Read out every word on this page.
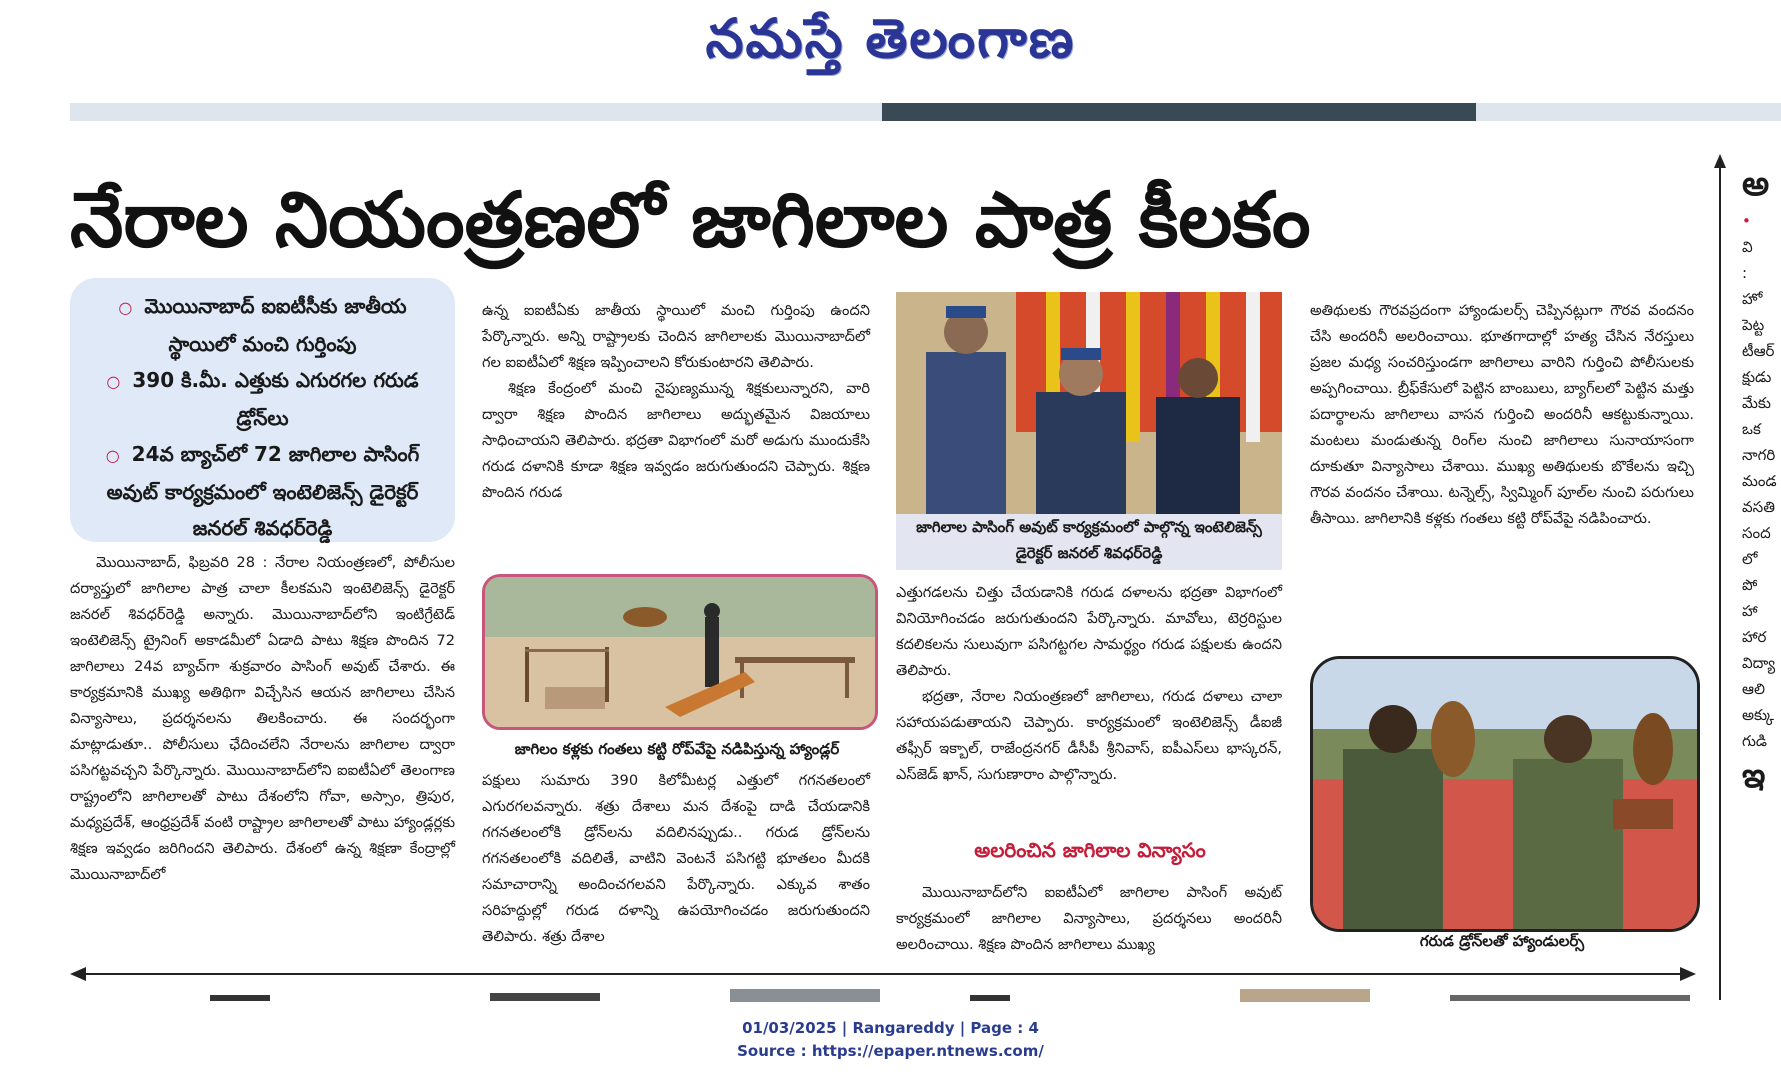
నమస్తే తెలంగాణ
నేరాల నియంత్రణలో జాగిలాల పాత్ర కీలకం
○ మొయినాబాద్ ఐఐటీసీకు జాతీయ స్థాయిలో మంచి గుర్తింపు
○ 390 కి.మీ. ఎత్తుకు ఎగురగల గరుడ డ్రోన్‌లు
○ 24వ బ్యాచ్‌లో 72 జాగిలాల పాసింగ్ అవుట్ కార్యక్రమంలో ఇంటెలిజెన్స్ డైరెక్టర్ జనరల్ శివధర్‌రెడ్డి

మొయినాబాద్, ఫిబ్రవరి 28 : నేరాల నియంత్రణలో, పోలీసుల దర్యాప్తులో జాగిలాల పాత్ర చాలా కీలకమని ఇంటెలిజెన్స్ డైరెక్టర్ జనరల్ శివధర్‌రెడ్డి అన్నారు. మొయినాబాద్‌లోని ఇంటిగ్రేటెడ్ ఇంటెలిజెన్స్ ట్రైనింగ్ అకాడమీలో ఏడాది పాటు శిక్షణ పొందిన 72 జాగిలాలు 24వ బ్యాచ్‌గా శుక్రవారం పాసింగ్ అవుట్ చేశారు. ఈ కార్యక్రమానికి ముఖ్య అతిథిగా విచ్చేసిన ఆయన జాగిలాలు చేసిన విన్యాసాలు, ప్రదర్శనలను తిలకించారు. ఈ సందర్భంగా మాట్లాడుతూ.. పోలీసులు ఛేదించలేని నేరాలను జాగిలాల ద్వారా పసిగట్టవచ్చని పేర్కొన్నారు. మొయినాబాద్‌లోని ఐఐటీఏలో తెలంగాణ రాష్ట్రంలోని జాగిలాలతో పాటు దేశంలోని గోవా, అస్సాం, త్రిపుర, మధ్యప్రదేశ్, ఆంధ్రప్రదేశ్ వంటి రాష్ట్రాల జాగిలాలతో పాటు హ్యాండ్లర్లకు శిక్షణ ఇవ్వడం జరిగిందని తెలిపారు. దేశంలో ఉన్న శిక్షణా కేంద్రాల్లో మొయినాబాద్‌లో

ఉన్న ఐఐటీఏకు జాతీయ స్థాయిలో మంచి గుర్తింపు ఉందని పేర్కొన్నారు. అన్ని రాష్ట్రాలకు చెందిన జాగిలాలకు మొయినాబాద్‌లో గల ఐఐటీఏలో శిక్షణ ఇప్పించాలని కోరుకుంటారని తెలిపారు.

శిక్షణ కేంద్రంలో మంచి నైపుణ్యమున్న శిక్షకులున్నారని, వారి ద్వారా శిక్షణ పొందిన జాగిలాలు అద్భుతమైన విజయాలు సాధించాయని తెలిపారు. భద్రతా విభాగంలో మరో అడుగు ముందుకేసి గరుడ దళానికి కూడా శిక్షణ ఇవ్వడం జరుగుతుందని చెప్పారు. శిక్షణ పొందిన గరుడ

జాగిలం కళ్లకు గంతలు కట్టి రోప్‌వేపై నడిపిస్తున్న హ్యాండ్లర్

పక్షులు సుమారు 390 కిలోమీటర్ల ఎత్తులో గగనతలంలో ఎగురగలవన్నారు. శత్రు దేశాలు మన దేశంపై దాడి చేయడానికి గగనతలంలోకి డ్రోన్‌లను వదిలినప్పుడు.. గరుడ డ్రోన్‌లను గగనతలంలోకి వదిలితే, వాటిని వెంటనే పసిగట్టి భూతలం మీదకి సమాచారాన్ని అందించగలవని పేర్కొన్నారు. ఎక్కువ శాతం సరిహద్దుల్లో గరుడ దళాన్ని ఉపయోగించడం జరుగుతుందని తెలిపారు. శత్రు దేశాల

జాగిలాల పాసింగ్ అవుట్ కార్యక్రమంలో పాల్గొన్న ఇంటెలిజెన్స్ డైరెక్టర్ జనరల్ శివధర్‌రెడ్డి

ఎత్తుగడలను చిత్తు చేయడానికి గరుడ దళాలను భద్రతా విభాగంలో వినియోగించడం జరుగుతుందని పేర్కొన్నారు. మావోలు, టెర్రరిస్టుల కదలికలను సులువుగా పసిగట్టగల సామర్థ్యం గరుడ పక్షులకు ఉందని తెలిపారు.

భద్రతా, నేరాల నియంత్రణలో జాగిలాలు, గరుడ దళాలు చాలా సహాయపడుతాయని చెప్పారు. కార్యక్రమంలో ఇంటెలిజెన్స్ డీఐజీ తఫ్సీర్ ఇక్బాల్, రాజేంద్రనగర్ డీసీపీ శ్రీనివాస్, ఐపీఎస్‌లు భాస్కరన్, ఎస్‌జెడ్ ఖాన్, సుగుణారాం పాల్గొన్నారు.

అలరించిన జాగిలాల విన్యాసం

మొయినాబాద్‌లోని ఐఐటీఏలో జాగిలాల పాసింగ్ అవుట్ కార్యక్రమంలో జాగిలాల విన్యాసాలు, ప్రదర్శనలు అందరినీ అలరించాయి. శిక్షణ పొందిన జాగిలాలు ముఖ్య

అతిథులకు గౌరవప్రదంగా హ్యాండులర్స్ చెప్పినట్లుగా గౌరవ వందనం చేసి అందరినీ అలరించాయి. భూతగాదాల్లో హత్య చేసిన నేరస్తులు ప్రజల మధ్య సంచరిస్తుండగా జాగిలాలు వారిని గుర్తించి పోలీసులకు అప్పగించాయి. బ్రీఫ్‌కేసులో పెట్టిన బాంబులు, బ్యాగ్‌లలో పెట్టిన మత్తు పదార్థాలను జాగిలాలు వాసన గుర్తించి అందరినీ ఆకట్టుకున్నాయి. మంటలు మండుతున్న రింగ్‌ల నుంచి జాగిలాలు సునాయాసంగా దూకుతూ విన్యాసాలు చేశాయి. ముఖ్య అతిథులకు బొకేలను ఇచ్చి గౌరవ వందనం చేశాయి. టన్నెల్స్, స్విమ్మింగ్ పూల్‌ల నుంచి పరుగులు తీసాయి. జాగిలానికి కళ్లకు గంతలు కట్టి రోప్‌వేపై నడిపించారు.

గరుడ డ్రోన్‌లతో హ్యాండులర్స్
అ
•
వి
:
హో
పెట్ట
టీఆర్
క్షుడు
మేకు
ఒక
నాగరి
మండ
వసతి
సంద
లో
పో
హా
హార
విద్యా
ఆలి
అక్కు
గుడి
ఇ
01/03/2025 | Rangareddy | Page : 4
Source : https://epaper.ntnews.com/
